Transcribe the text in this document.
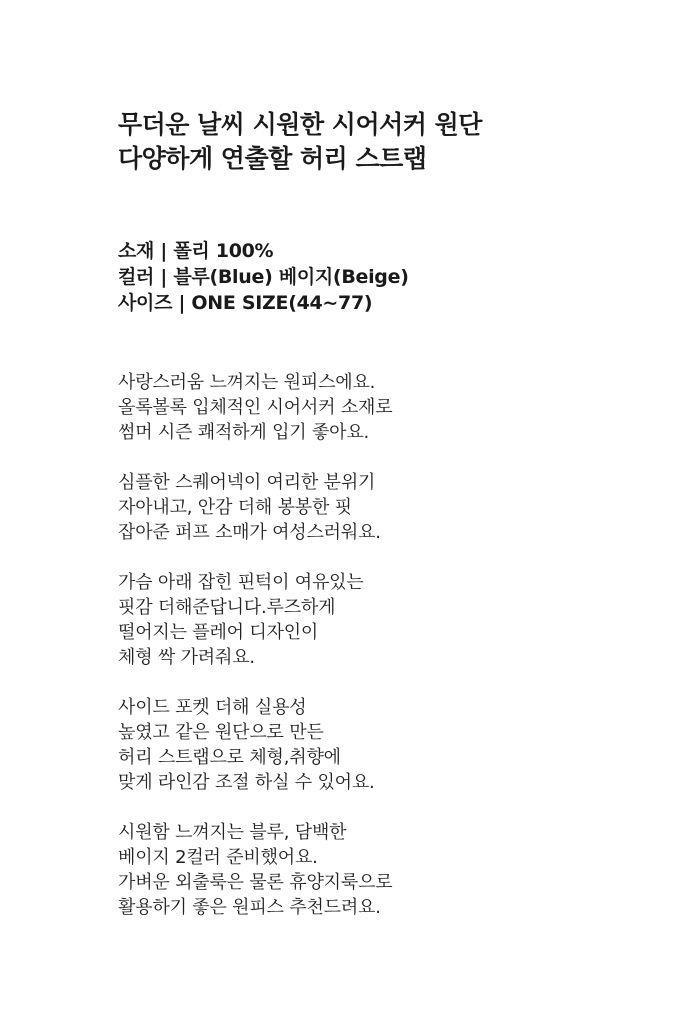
무더운 날씨 시원한 시어서커 원단
다양하게 연출할 허리 스트랩
소재 | 폴리 100%
컬러 | 블루(Blue) 베이지(Beige)
사이즈 | ONE SIZE(44~77)
사랑스러움 느껴지는 원피스에요.
올록볼록 입체적인 시어서커 소재로
썸머 시즌 쾌적하게 입기 좋아요.
심플한 스퀘어넥이 여리한 분위기
자아내고, 안감 더해 봉봉한 핏
잡아준 퍼프 소매가 여성스러워요.
가슴 아래 잡힌 핀턱이 여유있는
핏감 더해준답니다.루즈하게
떨어지는 플레어 디자인이
체형 싹 가려줘요.
사이드 포켓 더해 실용성
높였고 같은 원단으로 만든
허리 스트랩으로 체형,취향에
맞게 라인감 조절 하실 수 있어요.
시원함 느껴지는 블루, 담백한
베이지 2컬러 준비했어요.
가벼운 외출룩은 물론 휴양지룩으로
활용하기 좋은 원피스 추천드려요.
